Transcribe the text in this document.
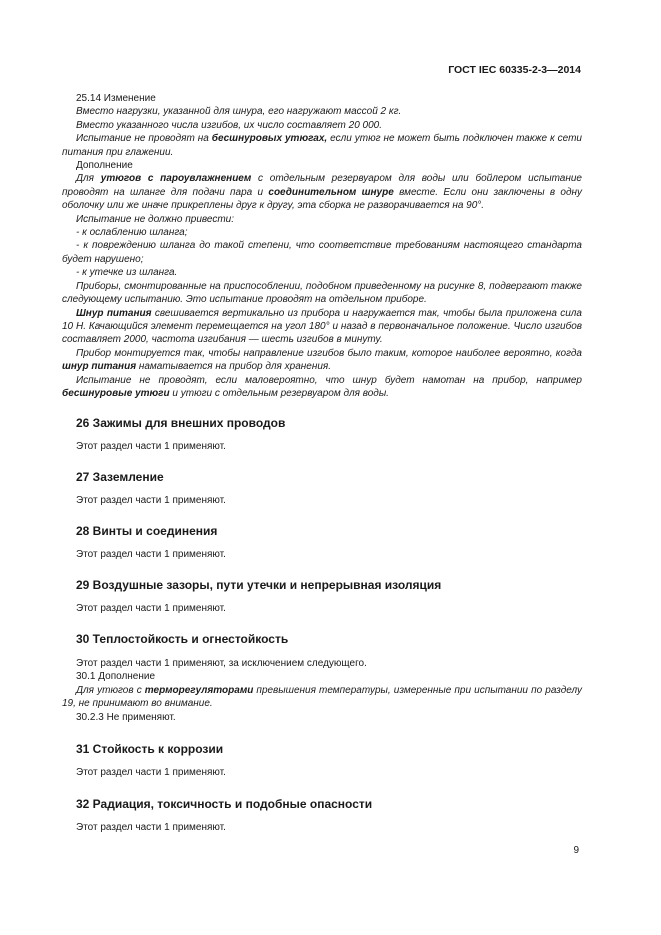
ГОСТ IEC 60335-2-3—2014

25.14 Изменение

Вместо нагрузки, указанной для шнура, его нагружают массой 2 кг.

Вместо указанного числа изгибов, их число составляет 20 000.

Испытание не проводят на бесшнуровых утюгах, если утюг не может быть подключен также к сети питания при глажении.

Дополнение

Для утюгов с пароувлажнением с отдельным резервуаром для воды или бойлером испытание проводят на шланге для подачи пара и соединительном шнуре вместе. Если они заключены в одну оболочку или же иначе прикреплены друг к другу, эта сборка не разворачивается на 90°.

Испытание не должно привести:

- к ослаблению шланга;

- к повреждению шланга до такой степени, что соответствие требованиям настоящего стандарта будет нарушено;

- к утечке из шланга.

Приборы, смонтированные на приспособлении, подобном приведенному на рисунке 8, подвергают также следующему испытанию. Это испытание проводят на отдельном приборе.

Шнур питания свешивается вертикально из прибора и нагружается так, чтобы была приложена сила 10 Н. Качающийся элемент перемещается на угол 180° и назад в первоначальное положение. Число изгибов составляет 2000, частота изгибания — шесть изгибов в минуту.

Прибор монтируется так, чтобы направление изгибов было таким, которое наиболее вероятно, когда шнур питания наматывается на прибор для хранения.

Испытание не проводят, если маловероятно, что шнур будет намотан на прибор, например бесшнуровые утюги и утюги с отдельным резервуаром для воды.

26 Зажимы для внешних проводов
Этот раздел части 1 применяют.
27 Заземление
Этот раздел части 1 применяют.
28 Винты и соединения
Этот раздел части 1 применяют.
29 Воздушные зазоры, пути утечки и непрерывная изоляция
Этот раздел части 1 применяют.
30 Теплостойкость и огнестойкость

Этот раздел части 1 применяют, за исключением следующего.

30.1 Дополнение

Для утюгов с терморегуляторами превышения температуры, измеренные при испытании по разделу 19, не принимают во внимание.

30.2.3 Не применяют.

31 Стойкость к коррозии
Этот раздел части 1 применяют.
32 Радиация, токсичность и подобные опасности
Этот раздел части 1 применяют.
9
